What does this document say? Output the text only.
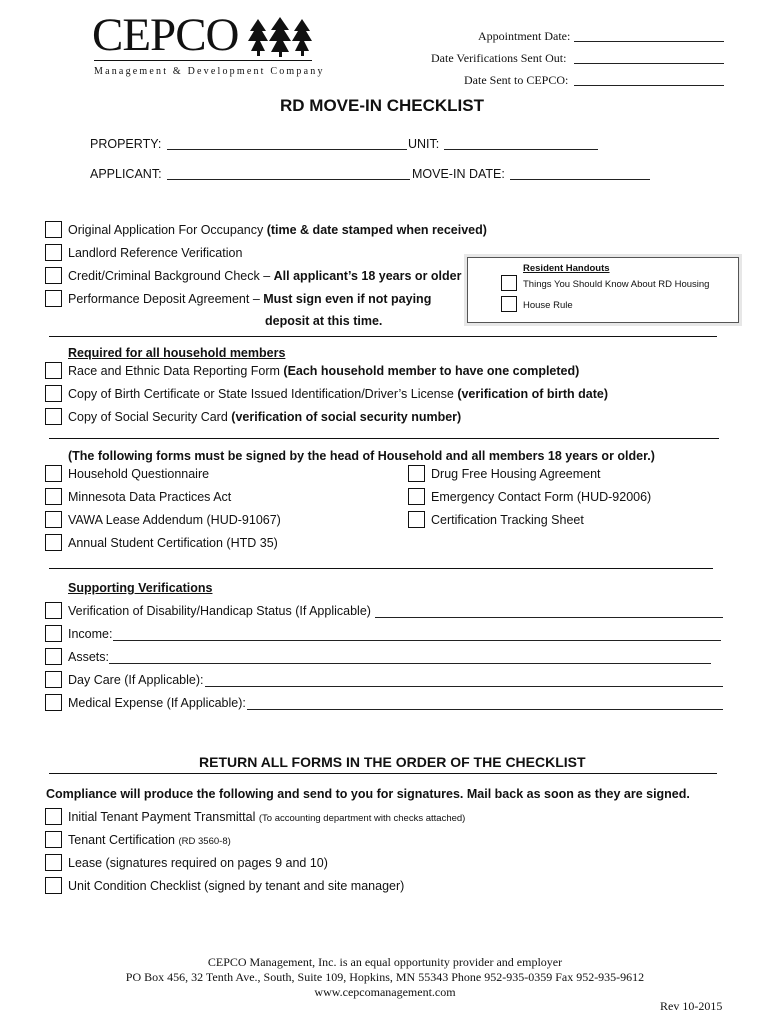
CEPCO
Management & Development Company
Appointment Date:
Date Verifications Sent Out:
Date Sent to CEPCO:
RD MOVE-IN CHECKLIST
PROPERTY:	UNIT:
APPLICANT:	MOVE-IN DATE:
Original Application For Occupancy (time & date stamped when received)
Landlord Reference Verification
Credit/Criminal Background Check – All applicant’s 18 years or older
Performance Deposit Agreement – Must sign even if not paying
deposit at this time.
Resident Handouts
Things You Should Know About RD Housing
House Rule
Required for all household members
Race and Ethnic Data Reporting Form (Each household member to have one completed)
Copy of Birth Certificate or State Issued Identification/Driver’s License (verification of birth date)
Copy of Social Security Card (verification of social security number)
(The following forms must be signed by the head of Household and all members 18 years or older.)
Household Questionnaire	Drug Free Housing Agreement
Minnesota Data Practices Act	Emergency Contact Form (HUD-92006)
VAWA Lease Addendum (HUD-91067)	Certification Tracking Sheet
Annual Student Certification (HTD 35)
Supporting Verifications
Verification of Disability/Handicap Status (If Applicable)
Income:
Assets:
Day Care (If Applicable):
Medical Expense (If Applicable):
RETURN ALL FORMS IN THE ORDER OF THE CHECKLIST
Compliance will produce the following and send to you for signatures. Mail back as soon as they are signed.
Initial Tenant Payment Transmittal (To accounting department with checks attached)
Tenant Certification (RD 3560-8)
Lease (signatures required on pages 9 and 10)
Unit Condition Checklist (signed by tenant and site manager)
CEPCO Management, Inc. is an equal opportunity provider and employer
PO Box 456, 32 Tenth Ave., South, Suite 109, Hopkins, MN 55343 Phone 952-935-0359 Fax 952-935-9612
www.cepcomanagement.com
Rev 10-2015
